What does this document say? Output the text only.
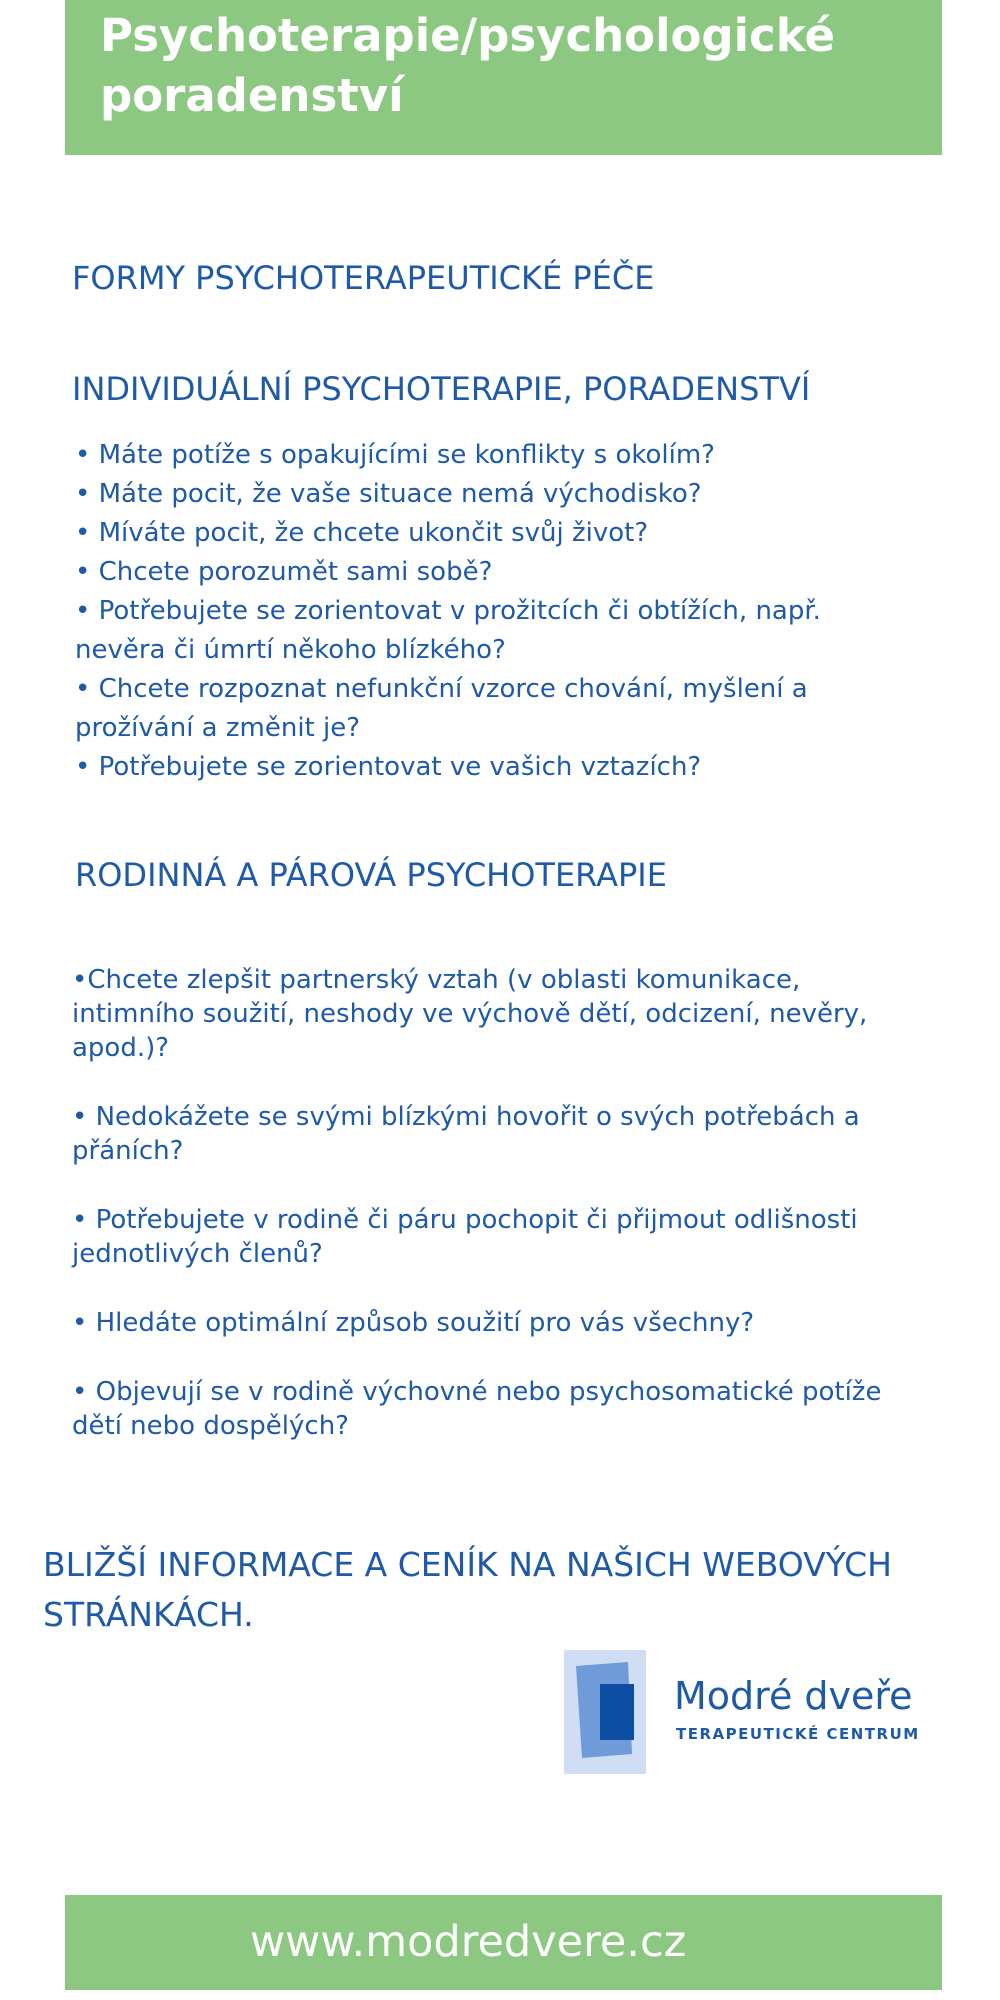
Psychoterapie/psychologické poradenství
FORMY PSYCHOTERAPEUTICKÉ PÉČE
INDIVIDUÁLNÍ PSYCHOTERAPIE, PORADENSTVÍ
• Máte potíže s opakujícími se konflikty s okolím?
• Máte pocit, že vaše situace nemá východisko?
• Míváte pocit, že chcete ukončit svůj život?
• Chcete porozumět sami sobě?
• Potřebujete se zorientovat v prožitcích či obtížích, např. nevěra či úmrtí někoho blízkého?
• Chcete rozpoznat nefunkční vzorce chování, myšlení a prožívání a změnit je?
• Potřebujete se zorientovat ve vašich vztazích?
RODINNÁ A PÁROVÁ PSYCHOTERAPIE
•Chcete zlepšit partnerský vztah (v oblasti komunikace, intimního soužití, neshody ve výchově dětí, odcizení, nevěry, apod.)?
• Nedokážete se svými blízkými hovořit o svých potřebách a přáních?
• Potřebujete v rodině či páru pochopit či přijmout odlišnosti jednotlivých členů?
• Hledáte optimální způsob soužití pro vás všechny?
• Objevují se v rodině výchovné nebo psychosomatické potíže dětí nebo dospělých?

BLIŽŠÍ INFORMACE A CENÍK NA NAŠICH WEBOVÝCH STRÁNKÁCH.

Modré dveře
TERAPEUTICKÉ CENTRUM

www.modredvere.cz
